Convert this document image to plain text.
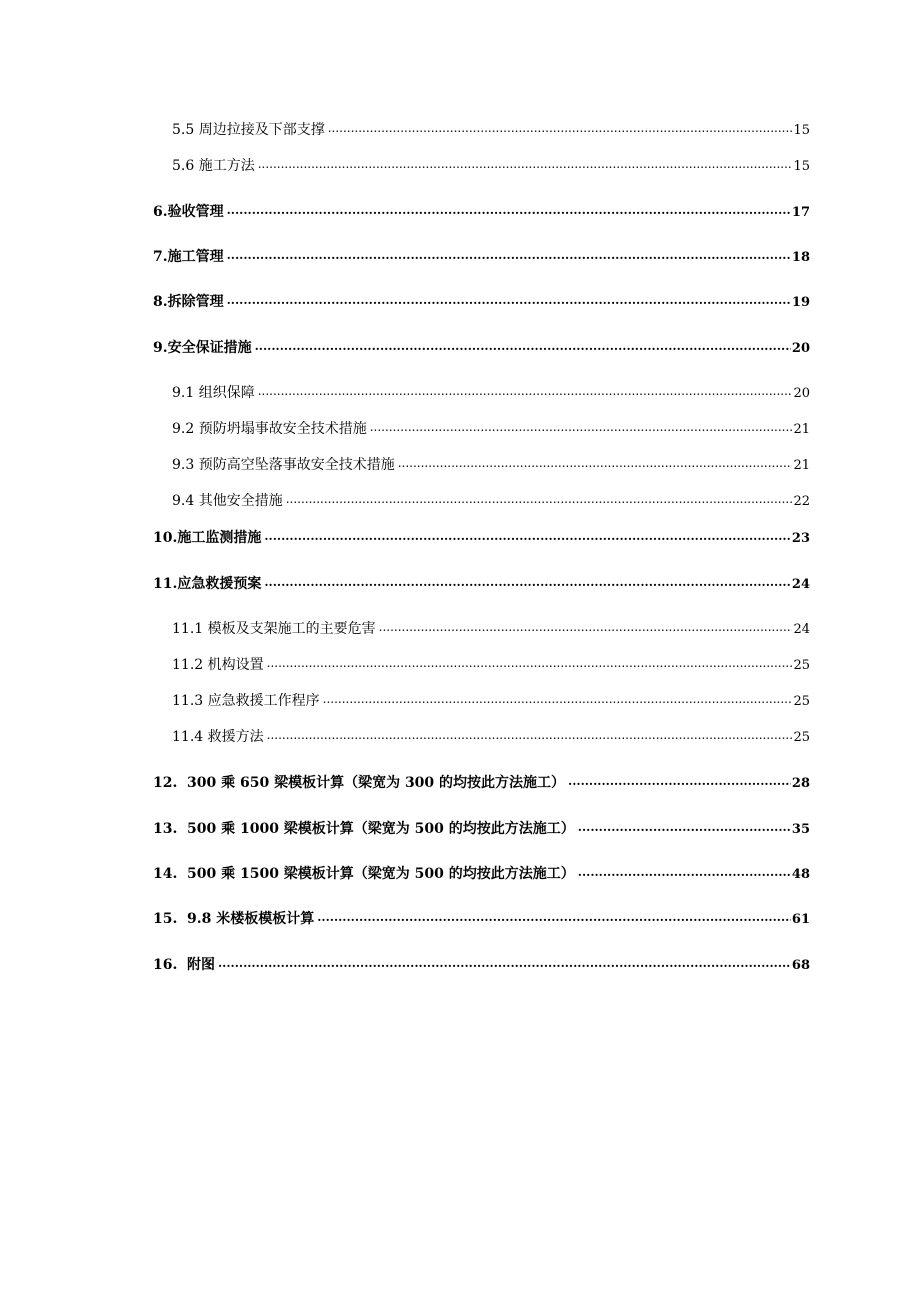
5.5 周边拉接及下部支撑 .....	15
5.6 施工方法 .....	15
6.验收管理 .....	17
7.施工管理 .....	18
8.拆除管理 .....	19
9.安全保证措施 .....	20
9.1 组织保障 .....	20
9.2 预防坍塌事故安全技术措施 .....	21
9.3 预防高空坠落事故安全技术措施 .....	21
9.4 其他安全措施 .....	22
10.施工监测措施 .....	23
11.应急救援预案 .....	24
11.1 模板及支架施工的主要危害 .....	24
11.2 机构设置 .....	25
11.3 应急救援工作程序 .....	25
11.4 救援方法 .....	25
12. 300 乘 650 梁模板计算（梁宽为 300 的均按此方法施工） .....	28
13. 500 乘 1000 梁模板计算（梁宽为 500 的均按此方法施工） .....	35
14. 500 乘 1500 梁模板计算（梁宽为 500 的均按此方法施工） .....	48
15. 9.8 米楼板模板计算 .....	61
16. 附图 .....	68
